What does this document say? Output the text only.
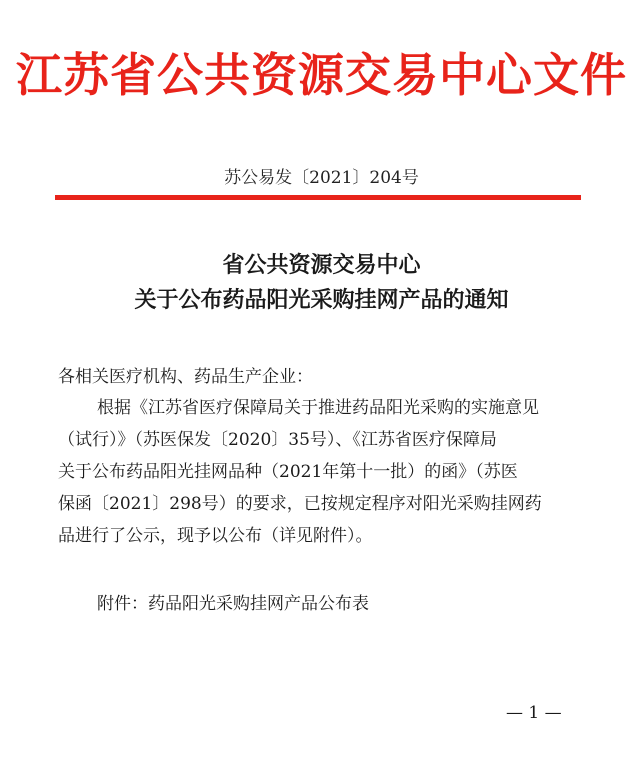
江苏省公共资源交易中心文件
苏公易发〔2021〕204号
省公共资源交易中心
关于公布药品阳光采购挂网产品的通知
各相关医疗机构、药品生产企业：
根据《江苏省医疗保障局关于推进药品阳光采购的实施意见
（试行）》（苏医保发〔2020〕35号）、《江苏省医疗保障局
关于公布药品阳光挂网品种（2021年第十一批）的函》（苏医
保函〔2021〕298号）的要求，已按规定程序对阳光采购挂网药
品进行了公示，现予以公布（详见附件）。
附件：药品阳光采购挂网产品公布表
— 1 —
